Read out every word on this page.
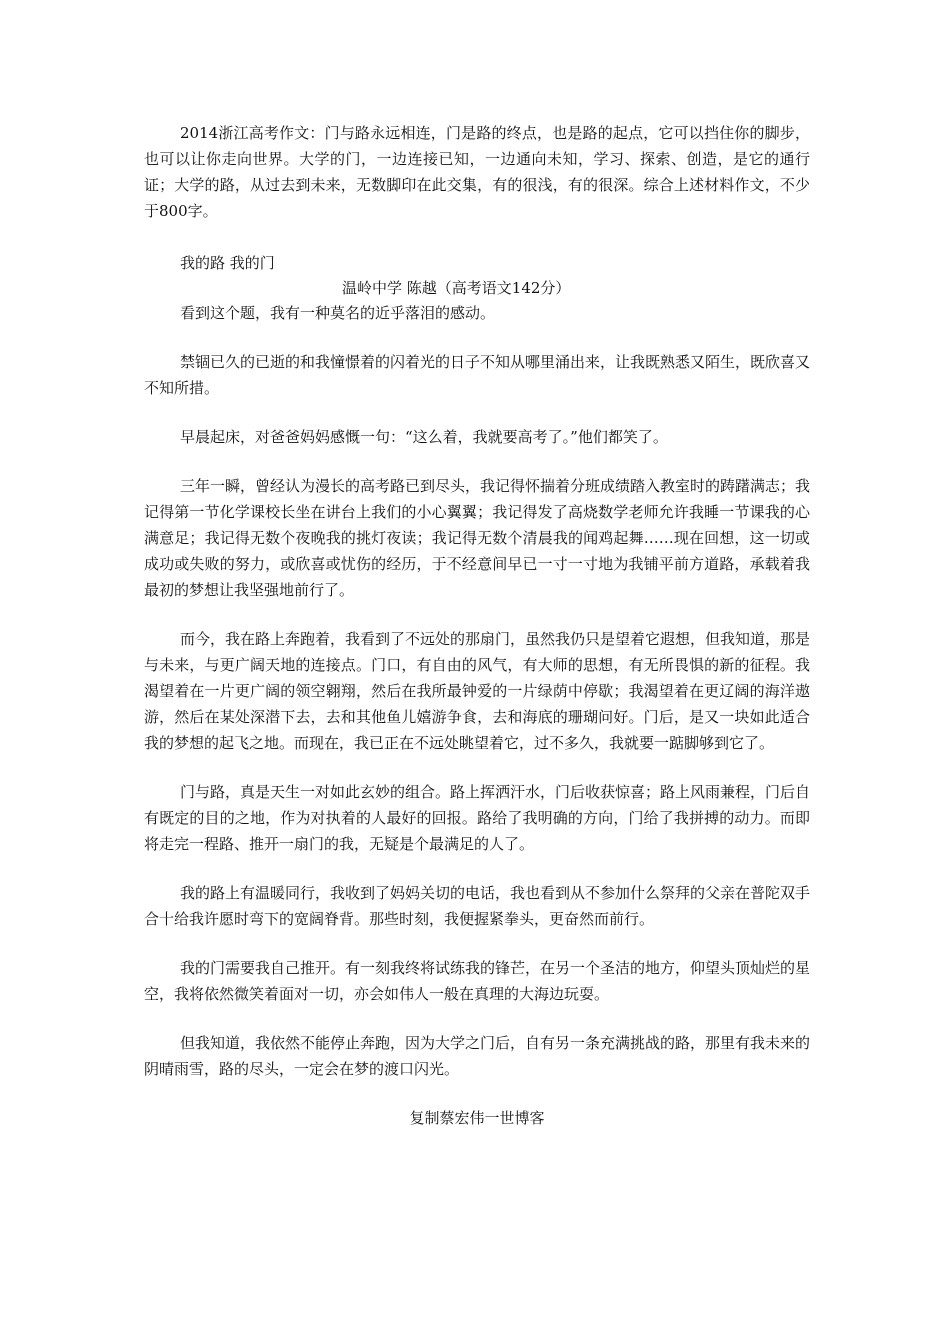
2014浙江高考作文：门与路永远相连，门是路的终点，也是路的起点，它可以挡住你的脚步，也可以让你走向世界。大学的门，一边连接已知，一边通向未知，学习、探索、创造，是它的通行证；大学的路，从过去到未来，无数脚印在此交集，有的很浅，有的很深。综合上述材料作文，不少于800字。

我的路 我的门

温岭中学 陈越（高考语文142分）

看到这个题，我有一种莫名的近乎落泪的感动。

禁锢已久的已逝的和我憧憬着的闪着光的日子不知从哪里涌出来，让我既熟悉又陌生，既欣喜又不知所措。

早晨起床，对爸爸妈妈感慨一句：“这么着，我就要高考了。”他们都笑了。

三年一瞬，曾经认为漫长的高考路已到尽头，我记得怀揣着分班成绩踏入教室时的踌躇满志；我记得第一节化学课校长坐在讲台上我们的小心翼翼；我记得发了高烧数学老师允许我睡一节课我的心满意足；我记得无数个夜晚我的挑灯夜读；我记得无数个清晨我的闻鸡起舞……现在回想，这一切或成功或失败的努力，或欣喜或忧伤的经历，于不经意间早已一寸一寸地为我铺平前方道路，承载着我最初的梦想让我坚强地前行了。

而今，我在路上奔跑着，我看到了不远处的那扇门，虽然我仍只是望着它遐想，但我知道，那是与未来，与更广阔天地的连接点。门口，有自由的风气，有大师的思想，有无所畏惧的新的征程。我渴望着在一片更广阔的领空翱翔，然后在我所最钟爱的一片绿荫中停歇；我渴望着在更辽阔的海洋遨游，然后在某处深潜下去，去和其他鱼儿嬉游争食，去和海底的珊瑚问好。门后，是又一块如此适合我的梦想的起飞之地。而现在，我已正在不远处眺望着它，过不多久，我就要一踮脚够到它了。

门与路，真是天生一对如此玄妙的组合。路上挥洒汗水，门后收获惊喜；路上风雨兼程，门后自有既定的目的之地，作为对执着的人最好的回报。路给了我明确的方向，门给了我拼搏的动力。而即将走完一程路、推开一扇门的我，无疑是个最满足的人了。

我的路上有温暖同行，我收到了妈妈关切的电话，我也看到从不参加什么祭拜的父亲在普陀双手合十给我许愿时弯下的宽阔脊背。那些时刻，我便握紧拳头，更奋然而前行。

我的门需要我自己推开。有一刻我终将试练我的锋芒，在另一个圣洁的地方，仰望头顶灿烂的星空，我将依然微笑着面对一切，亦会如伟人一般在真理的大海边玩耍。

但我知道，我依然不能停止奔跑，因为大学之门后，自有另一条充满挑战的路，那里有我未来的阴晴雨雪，路的尽头，一定会在梦的渡口闪光。

复制蔡宏伟一世博客
